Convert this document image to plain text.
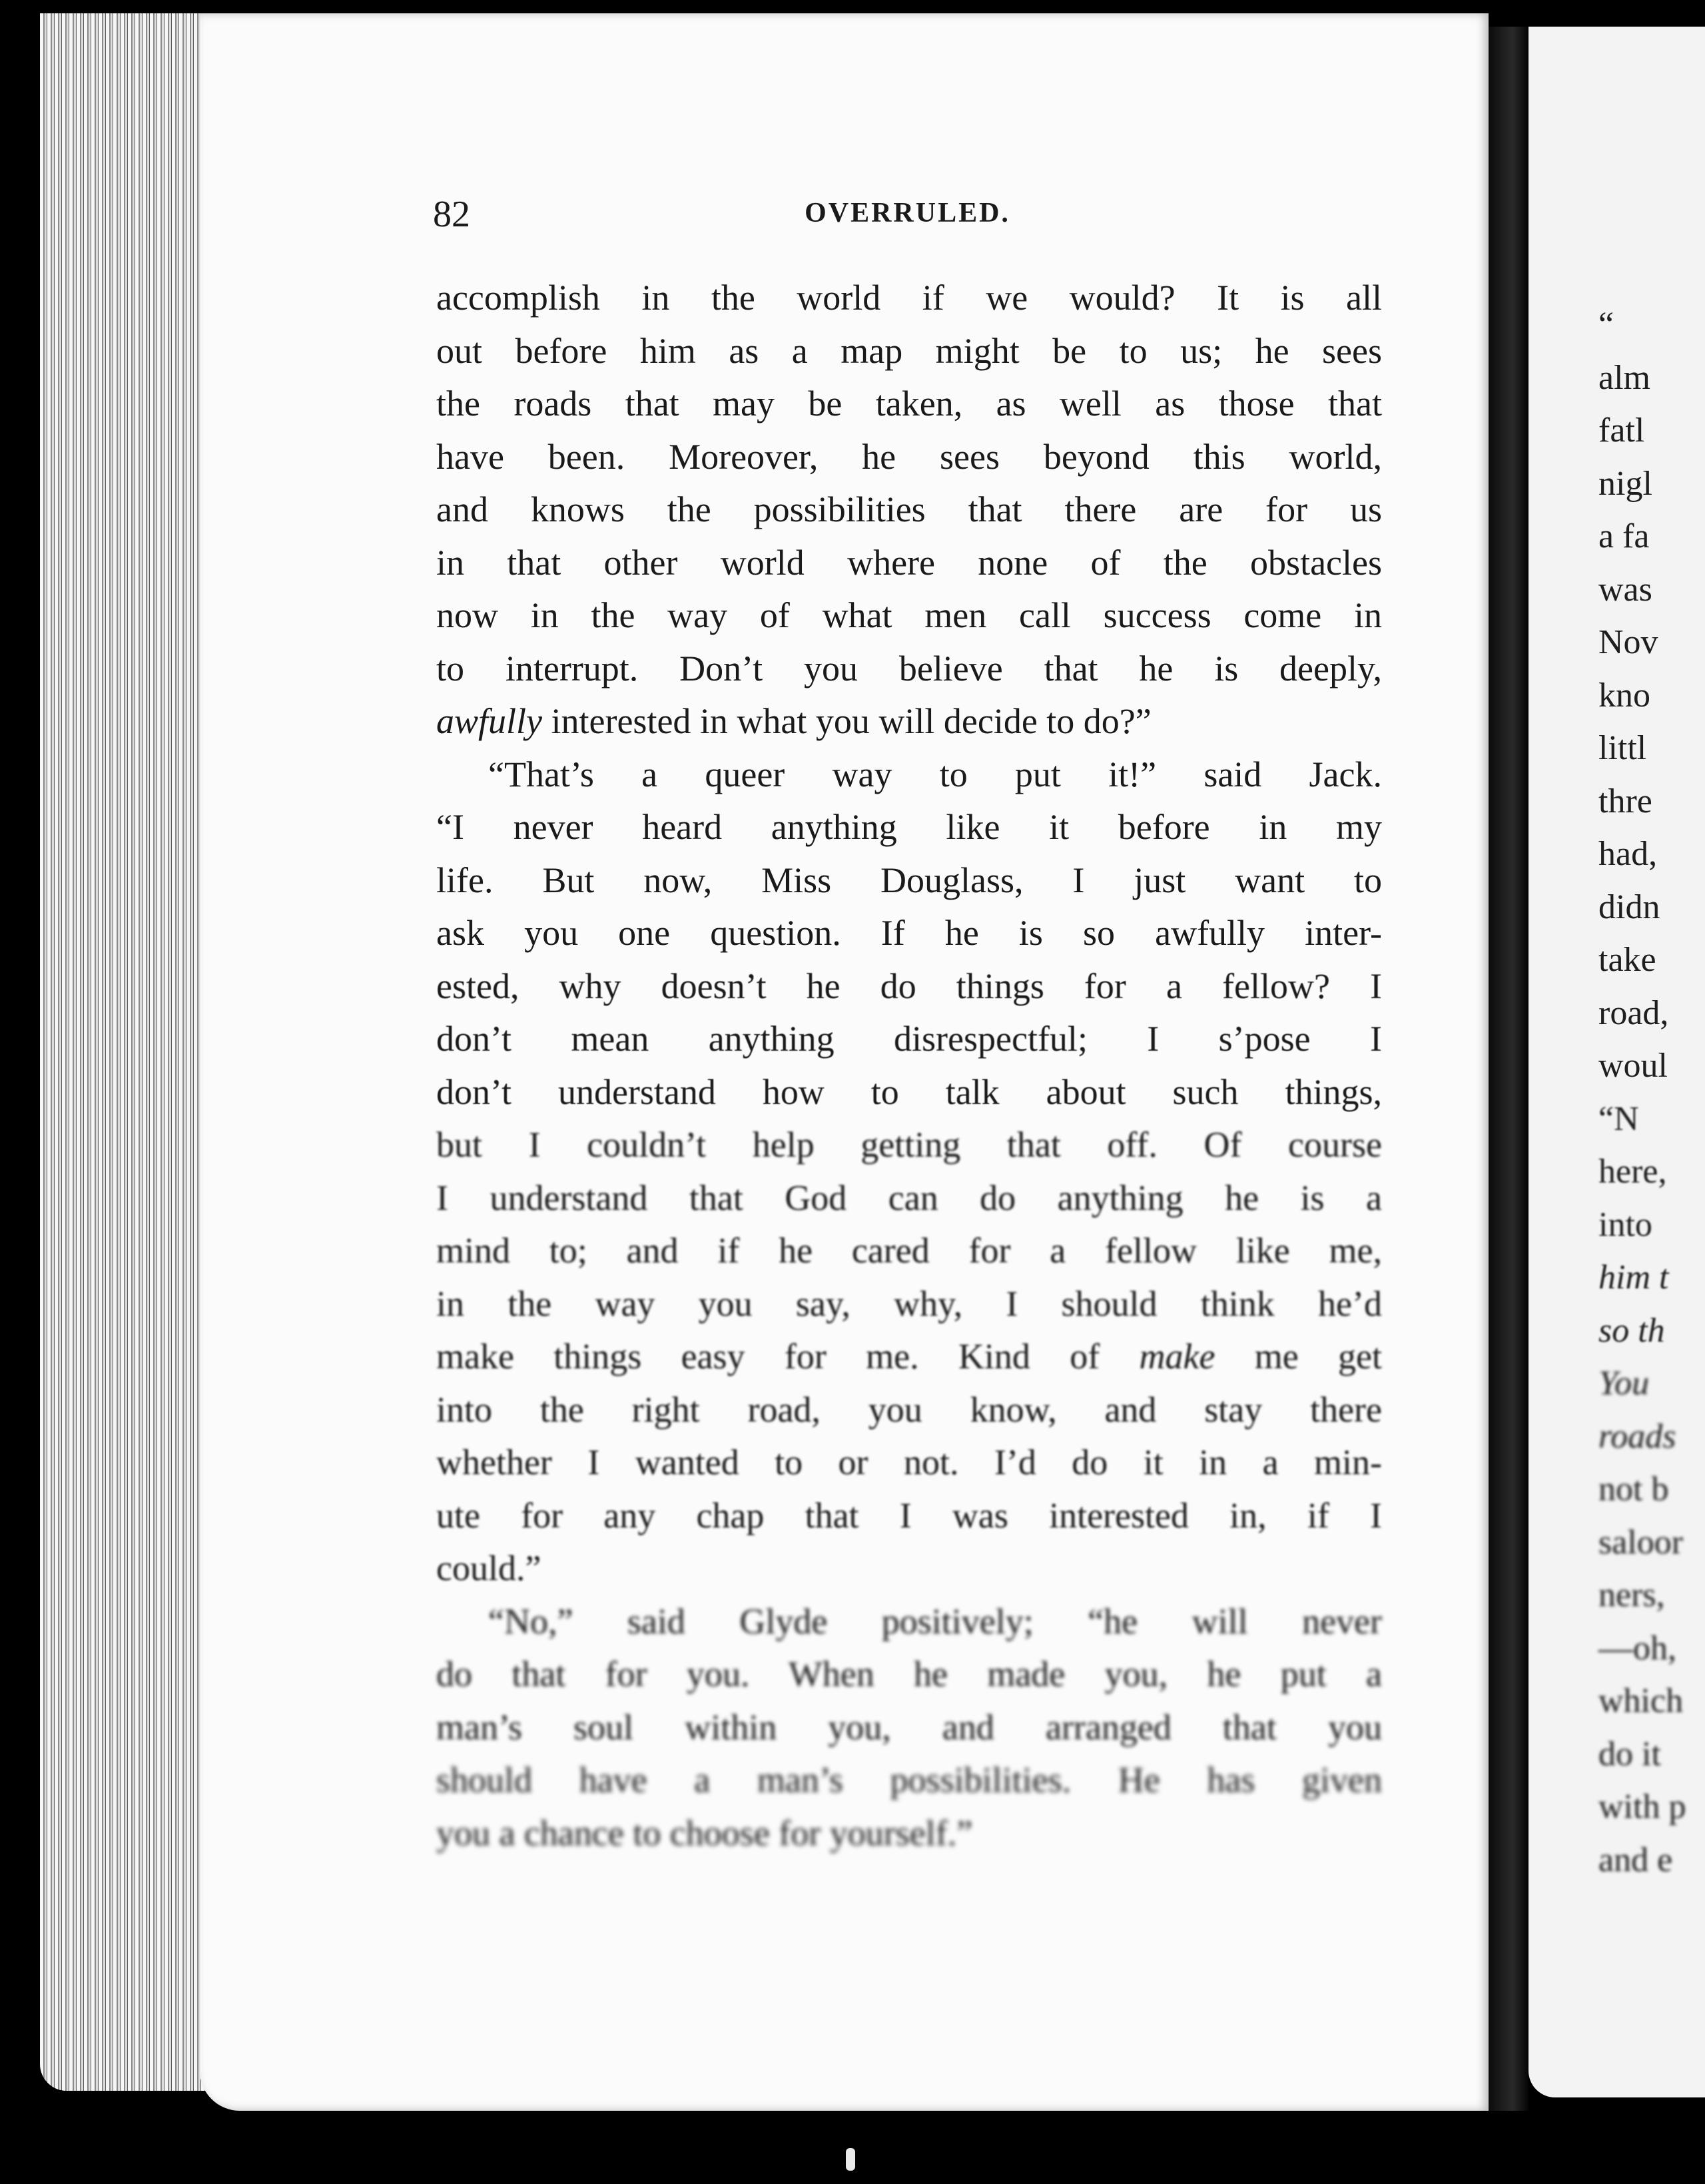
82	OVERRULED.
accomplish in the world if we would? It is all
out before him as a map might be to us; he sees
the roads that may be taken, as well as those that
have been. Moreover, he sees beyond this world,
and knows the possibilities that there are for us
in that other world where none of the obstacles
now in the way of what men call success come in
to interrupt. Don’t you believe that he is deeply,
awfully interested in what you will decide to do?”
“That’s a queer way to put it!” said Jack.
“I never heard anything like it before in my
life. But now, Miss Douglass, I just want to
ask you one question. If he is so awfully inter-
ested, why doesn’t he do things for a fellow? I
don’t mean anything disrespectful; I s’pose I
don’t understand how to talk about such things,
but I couldn’t help getting that off. Of course
I understand that God can do anything he is a
mind to; and if he cared for a fellow like me,
in the way you say, why, I should think he’d
make things easy for me. Kind of make me get
into the right road, you know, and stay there
whether I wanted to or not. I’d do it in a min-
ute for any chap that I was interested in, if I
could.”
“No,” said Glyde positively; “he will never
do that for you. When he made you, he put a
man’s soul within you, and arranged that you
should have a man’s possibilities. He has given
you a chance to choose for yourself.”
“
alm
fatl
nigl
a fa
was
Nov
kno
littl
thre
had,
didn
take
road,
woul
“N
here,
into
him t
so th
You
roads
not b
saloor
ners,
—oh,
which
do it
with p
and e
